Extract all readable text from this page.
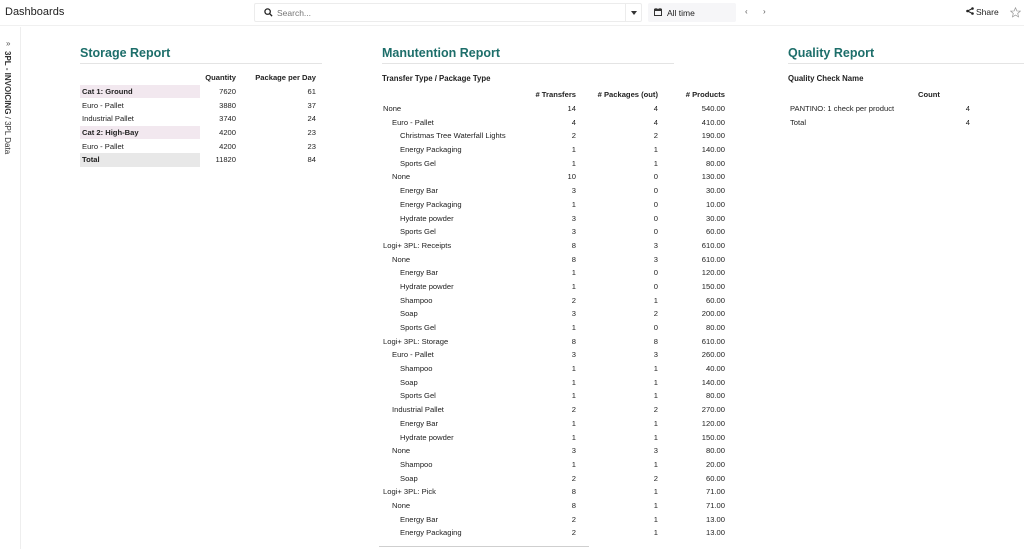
Dashboards
Search...	All time	‹ ›	Share
»
3PL - INVOICING / 3PL Data
Storage Report
	Quantity	Package per Day
Cat 1: Ground	7620	61
Euro - Pallet	3880	37
Industrial Pallet	3740	24
Cat 2: High-Bay	4200	23
Euro - Pallet	4200	23
Total	11820	84
Manutention Report
Transfer Type / Package Type
	# Transfers	# Packages (out)	# Products
None	14	4	540.00
Euro - Pallet	4	4	410.00
Christmas Tree Waterfall Lights	2	2	190.00
Energy Packaging	1	1	140.00
Sports Gel	1	1	80.00
None	10	0	130.00
Energy Bar	3	0	30.00
Energy Packaging	1	0	10.00
Hydrate powder	3	0	30.00
Sports Gel	3	0	60.00
Logi+ 3PL: Receipts	8	3	610.00
None	8	3	610.00
Energy Bar	1	0	120.00
Hydrate powder	1	0	150.00
Shampoo	2	1	60.00
Soap	3	2	200.00
Sports Gel	1	0	80.00
Logi+ 3PL: Storage	8	8	610.00
Euro - Pallet	3	3	260.00
Shampoo	1	1	40.00
Soap	1	1	140.00
Sports Gel	1	1	80.00
Industrial Pallet	2	2	270.00
Energy Bar	1	1	120.00
Hydrate powder	1	1	150.00
None	3	3	80.00
Shampoo	1	1	20.00
Soap	2	2	60.00
Logi+ 3PL: Pick	8	1	71.00
None	8	1	71.00
Energy Bar	2	1	13.00
Energy Packaging	2	1	13.00
Quality Report
Quality Check Name
	Count
PANTINO: 1 check per product	4
Total	4
